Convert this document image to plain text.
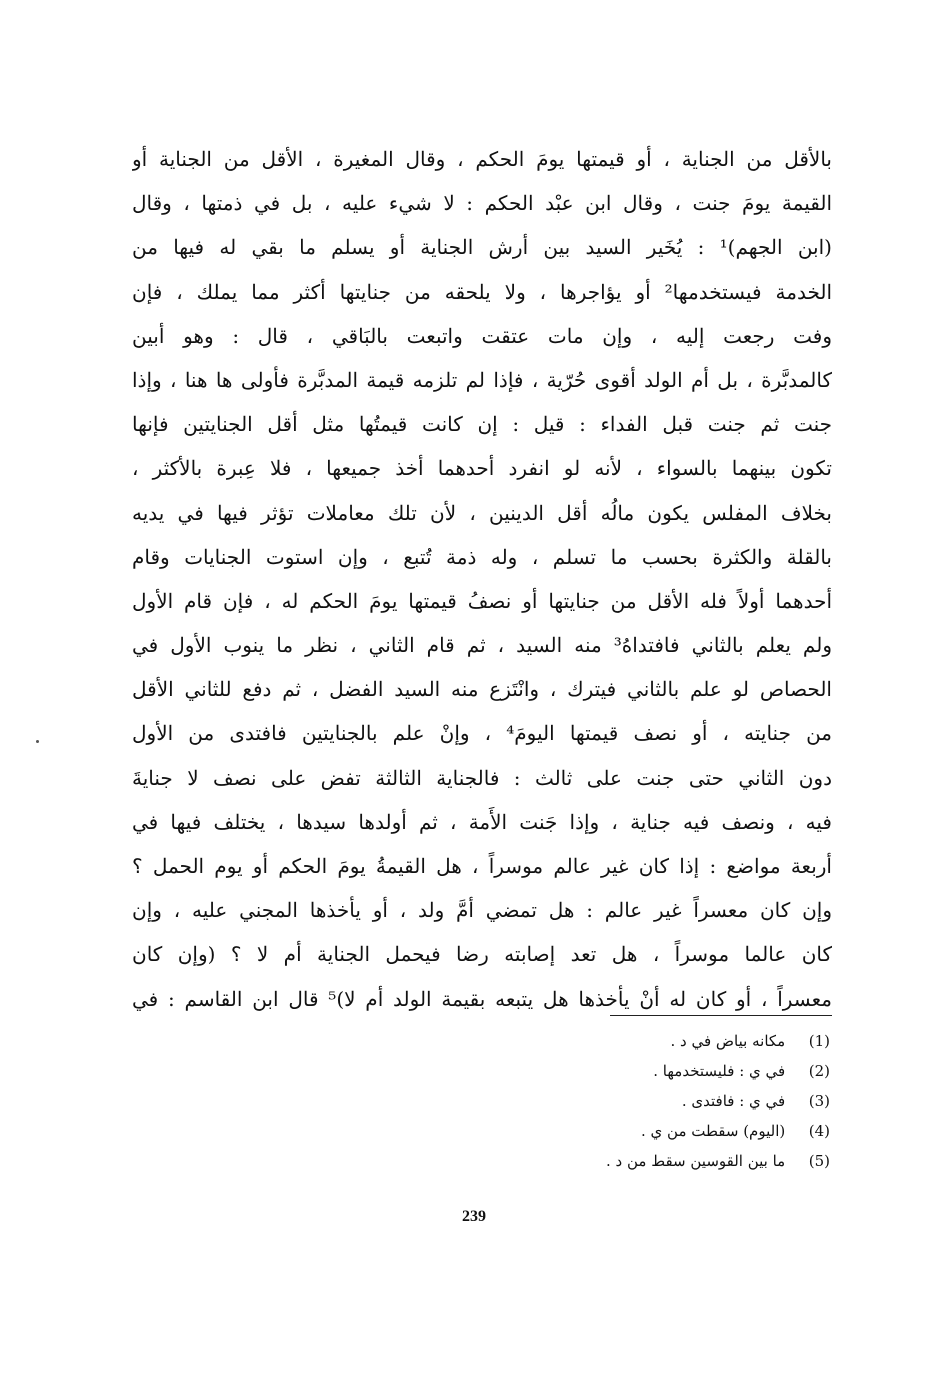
بالأقل من الجناية ، أو قيمتها يومَ الحكم ، وقال المغيرة ، الأقل من الجناية أو
القيمة يومَ جنت ، وقال ابن عبْد الحكم : لا شيء عليه ، بل في ذمتها ، وقال
(ابن الجهم)¹ : يُخَير السيد بين أرش الجناية أو يسلم ما بقي له فيها من
الخدمة فيستخدمها² أو يؤاجرها ، ولا يلحقه من جنايتها أكثر مما يملك ، فإن
وفت رجعت إليه ، وإن مات عتقت واتبعت بالبَاقي ، قال : وهو أبين
كالمدبَّرة ، بل أم الولد أقوى حُرّية ، فإذا لم تلزمه قيمة المدبَّرة فأولى ها هنا ، وإذا
جنت ثم جنت قبل الفداء : قيل : إن كانت قيمتُها مثل أقل الجنايتين فإنها
تكون بينهما بالسواء ، لأنه لو انفرد أحدهما أخذ جميعها ، فلا عِبرة بالأكثر ،
بخلاف المفلس يكون مالُه أقل الدينين ، لأن تلك معاملات تؤثر فيها في يديه
بالقلة والكثرة بحسب ما تسلم ، وله ذمة تُتبع ، وإن استوت الجنايات وقام
أحدهما أولاً فله الأقل من جنايتها أو نصفُ قيمتها يومَ الحكم له ، فإن قام الأول
ولم يعلم بالثاني فافتداهُ³ منه السيد ، ثم قام الثاني ، نظر ما ينوب الأول في
الحصاص لو علم بالثاني فيترك ، وانْتَزع منه السيد الفضل ، ثم دفع للثاني الأقل
من جنايته ، أو نصف قيمتها اليومَ⁴ ، وإنْ علم بالجنايتين فافتدى من الأول
دون الثاني حتى جنت على ثالث : فالجناية الثالثة تفض على نصف لا جنايةَ
فيه ، ونصف فيه جناية ، وإذا جَنت الأَمة ، ثم أولدها سيدها ، يختلف فيها في
أربعة مواضع : إذا كان غير عالم موسراً ، هل القيمةُ يومَ الحكم أو يوم الحمل ؟
وإن كان معسراً غير عالم : هل تمضي أمَّ ولد ، أو يأخذها المجني عليه ، وإن
كان عالما موسراً ، هل تعد إصابته رضا فيحمل الجناية أم لا ؟ (وإن كان
معسراً ، أو كان له أنْ يأخذها هل يتبعه بقيمة الولد أم لا)⁵ قال ابن القاسم : في
(1) مكانه بياض في د .
(2) في ي : فليستخدمها .
(3) في ي : فافتدى .
(4) (اليوم) سقطت من ي .
(5) ما بين القوسين سقط من د .
239
